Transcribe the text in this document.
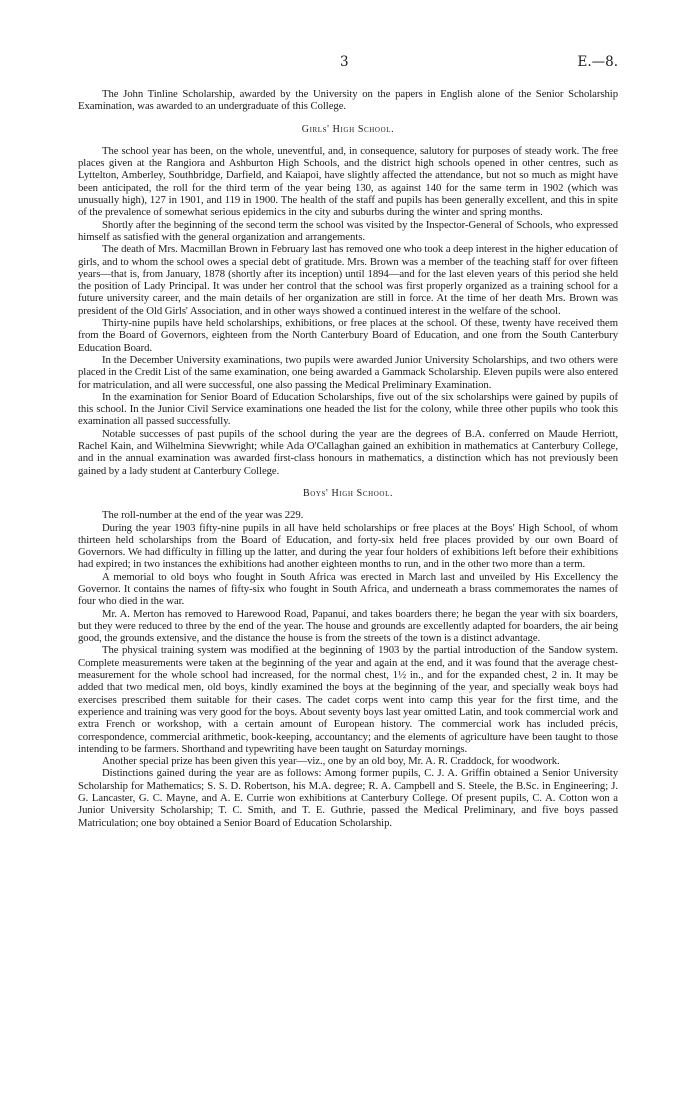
3	E.—8.

The John Tinline Scholarship, awarded by the University on the papers in English alone of the Senior Scholarship Examination, was awarded to an undergraduate of this College.

Girls' High School.

The school year has been, on the whole, uneventful, and, in consequence, salutory for purposes of steady work. The free places given at the Rangiora and Ashburton High Schools, and the district high schools opened in other centres, such as Lyttelton, Amberley, Southbridge, Darfield, and Kaiapoi, have slightly affected the attendance, but not so much as might have been anticipated, the roll for the third term of the year being 130, as against 140 for the same term in 1902 (which was unusually high), 127 in 1901, and 119 in 1900. The health of the staff and pupils has been generally excellent, and this in spite of the prevalence of somewhat serious epidemics in the city and suburbs during the winter and spring months.

Shortly after the beginning of the second term the school was visited by the Inspector-General of Schools, who expressed himself as satisfied with the general organization and arrangements.

The death of Mrs. Macmillan Brown in February last has removed one who took a deep interest in the higher education of girls, and to whom the school owes a special debt of gratitude. Mrs. Brown was a member of the teaching staff for over fifteen years—that is, from January, 1878 (shortly after its inception) until 1894—and for the last eleven years of this period she held the position of Lady Principal. It was under her control that the school was first properly organized as a training school for a future university career, and the main details of her organization are still in force. At the time of her death Mrs. Brown was president of the Old Girls' Association, and in other ways showed a continued interest in the welfare of the school.

Thirty-nine pupils have held scholarships, exhibitions, or free places at the school. Of these, twenty have received them from the Board of Governors, eighteen from the North Canterbury Board of Education, and one from the South Canterbury Education Board.

In the December University examinations, two pupils were awarded Junior University Scholarships, and two others were placed in the Credit List of the same examination, one being awarded a Gammack Scholarship. Eleven pupils were also entered for matriculation, and all were successful, one also passing the Medical Preliminary Examination.

In the examination for Senior Board of Education Scholarships, five out of the six scholarships were gained by pupils of this school. In the Junior Civil Service examinations one headed the list for the colony, while three other pupils who took this examination all passed successfully.

Notable successes of past pupils of the school during the year are the degrees of B.A. conferred on Maude Herriott, Rachel Kain, and Wilhelmina Sievwright; while Ada O'Callaghan gained an exhibition in mathematics at Canterbury College, and in the annual examination was awarded first-class honours in mathematics, a distinction which has not previously been gained by a lady student at Canterbury College.

Boys' High School.

The roll-number at the end of the year was 229.

During the year 1903 fifty-nine pupils in all have held scholarships or free places at the Boys' High School, of whom thirteen held scholarships from the Board of Education, and forty-six held free places provided by our own Board of Governors. We had difficulty in filling up the latter, and during the year four holders of exhibitions left before their exhibitions had expired; in two instances the exhibitions had another eighteen months to run, and in the other two more than a term.

A memorial to old boys who fought in South Africa was erected in March last and unveiled by His Excellency the Governor. It contains the names of fifty-six who fought in South Africa, and underneath a brass commemorates the names of four who died in the war.

Mr. A. Merton has removed to Harewood Road, Papanui, and takes boarders there; he began the year with six boarders, but they were reduced to three by the end of the year. The house and grounds are excellently adapted for boarders, the air being good, the grounds extensive, and the distance the house is from the streets of the town is a distinct advantage.

The physical training system was modified at the beginning of 1903 by the partial introduction of the Sandow system. Complete measurements were taken at the beginning of the year and again at the end, and it was found that the average chest-measurement for the whole school had increased, for the normal chest, 1½ in., and for the expanded chest, 2 in. It may be added that two medical men, old boys, kindly examined the boys at the beginning of the year, and specially weak boys had exercises prescribed them suitable for their cases. The cadet corps went into camp this year for the first time, and the experience and training was very good for the boys. About seventy boys last year omitted Latin, and took commercial work and extra French or workshop, with a certain amount of European history. The commercial work has included précis, correspondence, commercial arithmetic, book-keeping, accountancy; and the elements of agriculture have been taught to those intending to be farmers. Shorthand and typewriting have been taught on Saturday mornings.

Another special prize has been given this year—viz., one by an old boy, Mr. A. R. Craddock, for woodwork.

Distinctions gained during the year are as follows: Among former pupils, C. J. A. Griffin obtained a Senior University Scholarship for Mathematics; S. S. D. Robertson, his M.A. degree; R. A. Campbell and S. Steele, the B.Sc. in Engineering; J. G. Lancaster, G. C. Mayne, and A. E. Currie won exhibitions at Canterbury College. Of present pupils, C. A. Cotton won a Junior University Scholarship; T. C. Smith, and T. E. Guthrie, passed the Medical Preliminary, and five boys passed Matriculation; one boy obtained a Senior Board of Education Scholarship.
